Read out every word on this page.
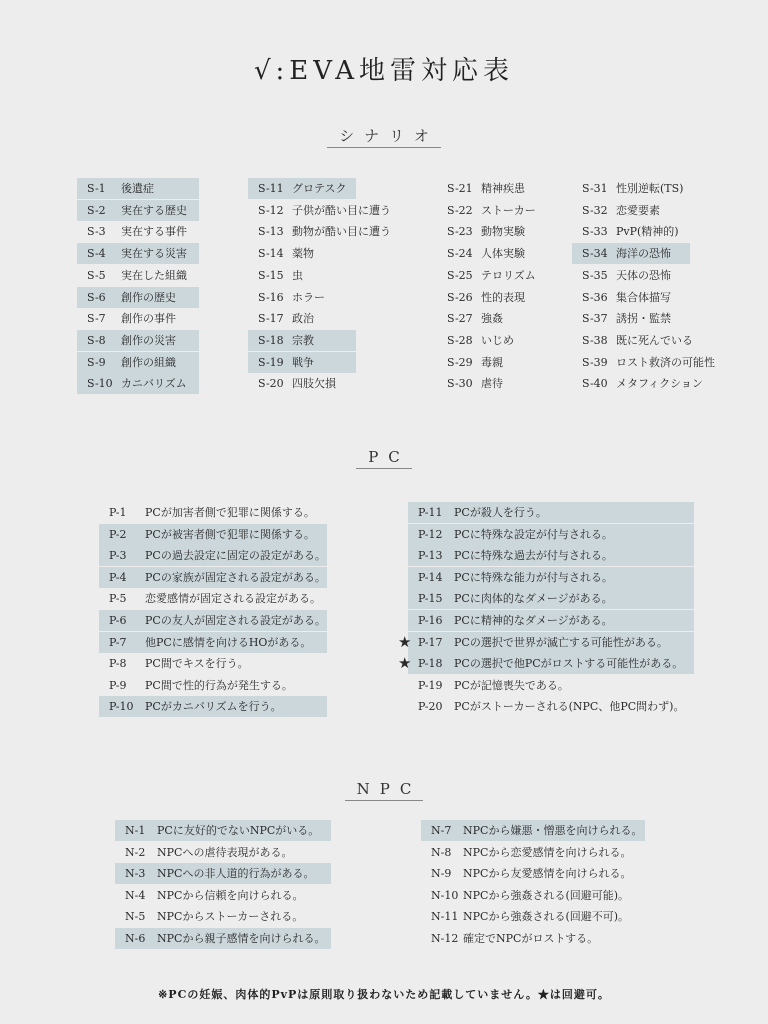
√:EVA地雷対応表
シナリオ
PC
NPC
S-1 後遺症
S-2 実在する歴史
S-3 実在する事件
S-4 実在する災害
S-5 実在した組織
S-6 創作の歴史
S-7 創作の事件
S-8 創作の災害
S-9 創作の組織
S-10 カニバリズム
S-11 グロテスク
S-12 子供が酷い目に遭う
S-13 動物が酷い目に遭う
S-14 薬物
S-15 虫
S-16 ホラー
S-17 政治
S-18 宗教
S-19 戦争
S-20 四肢欠損
S-21 精神疾患
S-22 ストーカー
S-23 動物実験
S-24 人体実験
S-25 テロリズム
S-26 性的表現
S-27 強姦
S-28 いじめ
S-29 毒親
S-30 虐待
S-31 性別逆転(TS)
S-32 恋愛要素
S-33 PvP(精神的)
S-34 海洋の恐怖
S-35 天体の恐怖
S-36 集合体描写
S-37 誘拐・監禁
S-38 既に死んでいる
S-39 ロスト救済の可能性
S-40 メタフィクション
P-1 PCが加害者側で犯罪に関係する。
P-2 PCが被害者側で犯罪に関係する。
P-3 PCの過去設定に固定の設定がある。
P-4 PCの家族が固定される設定がある。
P-5 恋愛感情が固定される設定がある。
P-6 PCの友人が固定される設定がある。
P-7 他PCに感情を向けるHOがある。
P-8 PC間でキスを行う。
P-9 PC間で性的行為が発生する。
P-10 PCがカニバリズムを行う。
P-11 PCが殺人を行う。
P-12 PCに特殊な設定が付与される。
P-13 PCに特殊な過去が付与される。
P-14 PCに特殊な能力が付与される。
P-15 PCに肉体的なダメージがある。
P-16 PCに精神的なダメージがある。
P-17 PCの選択で世界が滅亡する可能性がある。
★
P-18 PCの選択で他PCがロストする可能性がある。
★
P-19 PCが記憶喪失である。
P-20 PCがストーカーされる(NPC、他PC問わず)。
N-1 PCに友好的でないNPCがいる。
N-2 NPCへの虐待表現がある。
N-3 NPCへの非人道的行為がある。
N-4 NPCから信頼を向けられる。
N-5 NPCからストーカーされる。
N-6 NPCから親子感情を向けられる。
N-7 NPCから嫌悪・憎悪を向けられる。
N-8 NPCから恋愛感情を向けられる。
N-9 NPCから友愛感情を向けられる。
N-10 NPCから強姦される(回避可能)。
N-11 NPCから強姦される(回避不可)。
N-12 確定でNPCがロストする。
※PCの妊娠、肉体的PvPは原則取り扱わないため記載していません。★は回避可。
